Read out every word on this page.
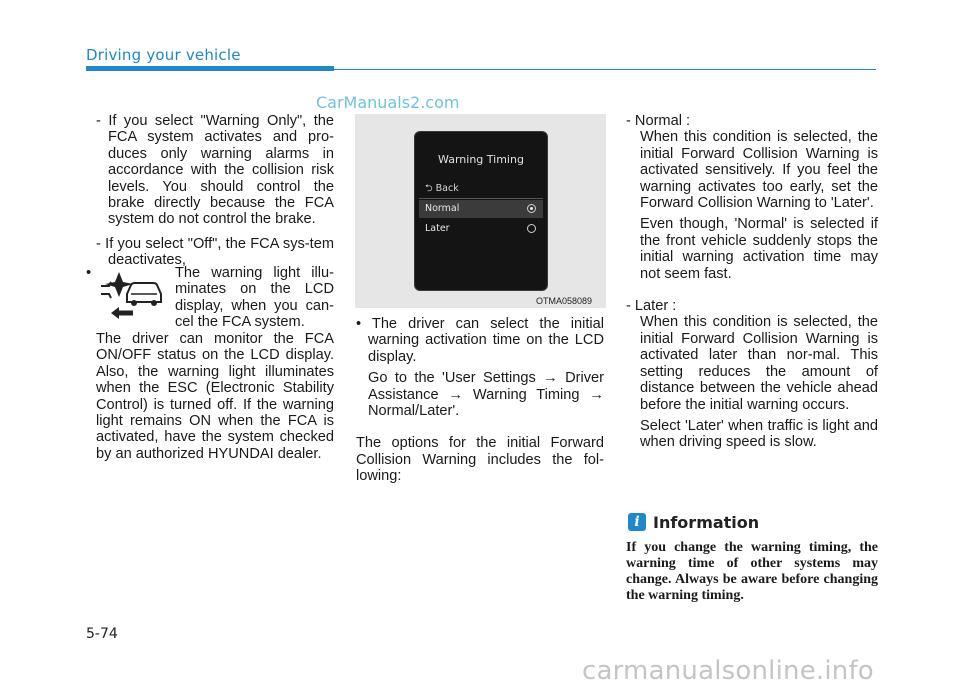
Driving your vehicle
CarManuals2.com

- If you select "Warning Only", the FCA system activates and pro-duces only warning alarms in accordance with the collision risk levels. You should control the brake directly because the FCA system do not control the brake.

- If you select "Off", the FCA sys-tem deactivates,

•	The warning light illu-minates on the LCD display, when you can-cel the FCA system.

The driver can monitor the FCA ON/OFF status on the LCD display. Also, the warning light illuminates when the ESC (Electronic Stability Control) is turned off. If the warning light remains ON when the FCA is activated, have the system checked by an authorized HYUNDAI dealer.

Warning Timing
⮌ Back
Normal
Later
OTMA058089

• The driver can select the initial warning activation time on the LCD display.

Go to the 'User Settings → Driver Assistance → Warning Timing → Normal/Later'.

The options for the initial Forward Collision Warning includes the fol-lowing:

- Normal :

When this condition is selected, the initial Forward Collision Warning is activated sensitively. If you feel the warning activates too early, set the Forward Collision Warning to 'Later'.

Even though, 'Normal' is selected if the front vehicle suddenly stops the initial warning activation time may not seem fast.

- Later :

When this condition is selected, the initial Forward Collision Warning is activated later than nor-mal. This setting reduces the amount of distance between the vehicle ahead before the initial warning occurs.

Select 'Later' when traffic is light and when driving speed is slow.

i Information
If you change the warning timing, the warning time of other systems may change. Always be aware before changing the warning timing.
5-74
carmanualsonline.info
